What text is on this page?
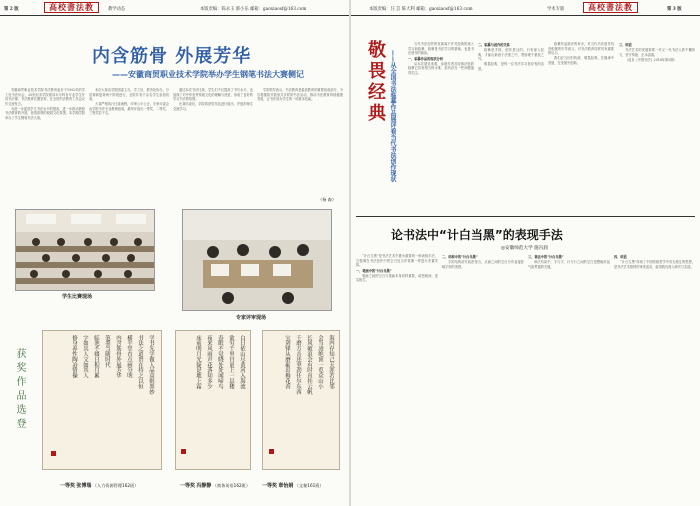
第 2 版	高校書法教	教学动态	本版责编：陈永玉 蔡小乐 邮箱：gaoxiaosf@163.com
内含筋骨 外展芳华
——安徽商贸职业技术学院举办学生钢笔书法大赛侧记

安徽商贸职业技术学院书法教育起步于1992年的学工处书法协会，20世纪末学院面向本专科各专业学生开设书法课，书法教育长期坚持，在全国书法教育工作会议作交流发言。

为进一步促进学生书法水平的提高，进一步推动我校书法教育的开展，营造浓厚的校园文化氛围，本学期学院举办了学生钢笔书法大赛。

本次大赛由学院团委主办，学工处、教务处协办，分初赛和复赛两个阶段进行，全院共有千余名学生参加初赛。

大赛严格执行比赛流程，评审公平公正，专家评委会由学院书法专业教师组成，最终评选出一等奖、二等奖、三等奖若干名。

通过本次书法比赛，学生们不仅提高了书写水平，也加深了对中华优秀传统文化的理解与热爱，形成了良好的学习书法的氛围。

比赛结束后，学院将获奖作品进行展出，并组织师生交流学习。

学院领导表示，书法教育是素质教育的重要组成部分，今后将继续开展形式多样的书法活动，推动书法教育持续健康发展，让书法成为学生的一项基本技能。

（杨 森）
学生比赛现场
专家评审现场
获奖作品选登	学书先学做人品高则墨妙
书法之道贵在持之以恒
横平竖直点画分明
内含筋骨外展芳华
笔墨当随时代
临池不辍日积月累
字如其人文如其人
修身养性陶冶情操	白日依山尽黄河入海流
欲穷千里目更上一层楼
春眠不觉晓处处闻啼鸟
夜来风雨声花落知多少
床前明月光疑是地上霜	海内存知己天涯若比邻
会当凌绝顶一览众山小
长风破浪会有时直挂云帆
千磨万击还坚劲任尔东西
宝剑锋从磨砺出梅花香
一等奖 张博瑞 （人力资源管理162班）	一等奖 冯静静 （商务英语162班） 一等奖 章怡娟 （文秘161班）
本版责编：汪 芸 陈大利 邮箱：gaoxiaosf@163.com	学术专版	高校書法教	第 3 版
敬畏经典 ——从全国书法临摹作品展评看当代书法创作现状

当代书法创作的发展离不开对经典的深入学习和临摹，临摹是书法学习的基础，也是书法创作的源泉。

一、临摹作品的现状分析

从本次展览来看，参展作者对经典法帖的临摹已具有相当的水准，但仍存在一些问题值得关注。

二、临摹与创作的关系

临摹是手段，创作是目的。只有深入经典，才能出新意于法度之中，寄妙理于豪放之外。

敬畏经典，是每一位书法学习者应有的态度。

临摹作品展评的举办，对当代书法创作具有积极的引导意义，对书法教育同样具有重要的启示。

我们应当回归传统、敬畏经典，在继承中发展，在发展中创新。

三、结语

书法艺术的发展需要一代又一代书法人的不懈努力，坚守传统，正本清源。

（选自《中国书法》2016年第2期）

论书法中“计白当黑”的表现手法
◎安徽师范大学 施冯润

“计白当黑”是书法艺术中极为重要的一种表现手法，它强调在书法创作中把空白处当作笔墨一样进行布置安排。

一、笔画中的“计白当黑”

笔画之间的空白与笔画本身同样重要，疏密相间，虚实相生。

二、结构中的“计白当黑”

字的结构讲究疏密得当，点画之间的空白分布直接影响字形的美感。

三、章法中的“计白当黑”

章法布局中，字与字、行与行之间的空白是整幅作品气韵贯通的关键。

四、结语

“计白当黑”体现了中国传统哲学中有无相生的思想，是书法艺术独特的审美追求，值得我们深入研究与实践。
